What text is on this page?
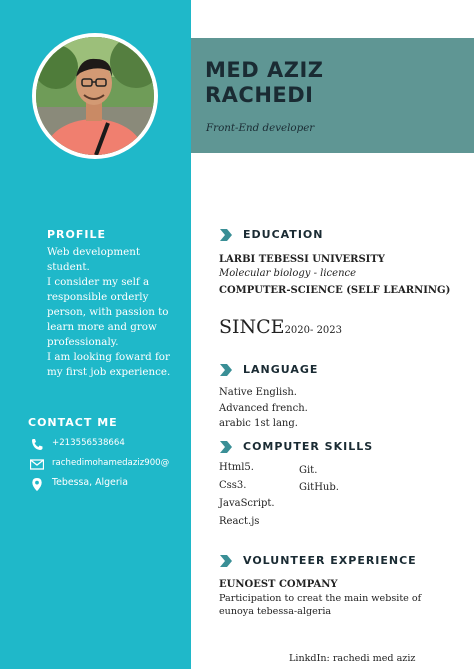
PROFILE
Web development
student.
I consider my self a
responsible orderly
person, with passion to
learn more and grow
professionaly.
I am looking foward for
my first job experience.
CONTACT ME
+213556538664
rachedimohamedaziz900@

Tebessa, Algeria
MED AZIZ
RACHEDI
Front-End developer
EDUCATION
LARBI TEBESSI UNIVERSITY
Molecular biology - licence
COMPUTER-SCIENCE (SELF LEARNING)
SINCE2020- 2023
LANGUAGE
Native English.
Advanced french.
arabic 1st lang.
COMPUTER SKILLS
Html5.
Css3.
JavaScript.
React.js
Git.
GitHub.
VOLUNTEER EXPERIENCE
EUNOEST COMPANY
Participation to creat the main website of
eunoya tebessa-algeria
LinkdIn: rachedi med aziz
